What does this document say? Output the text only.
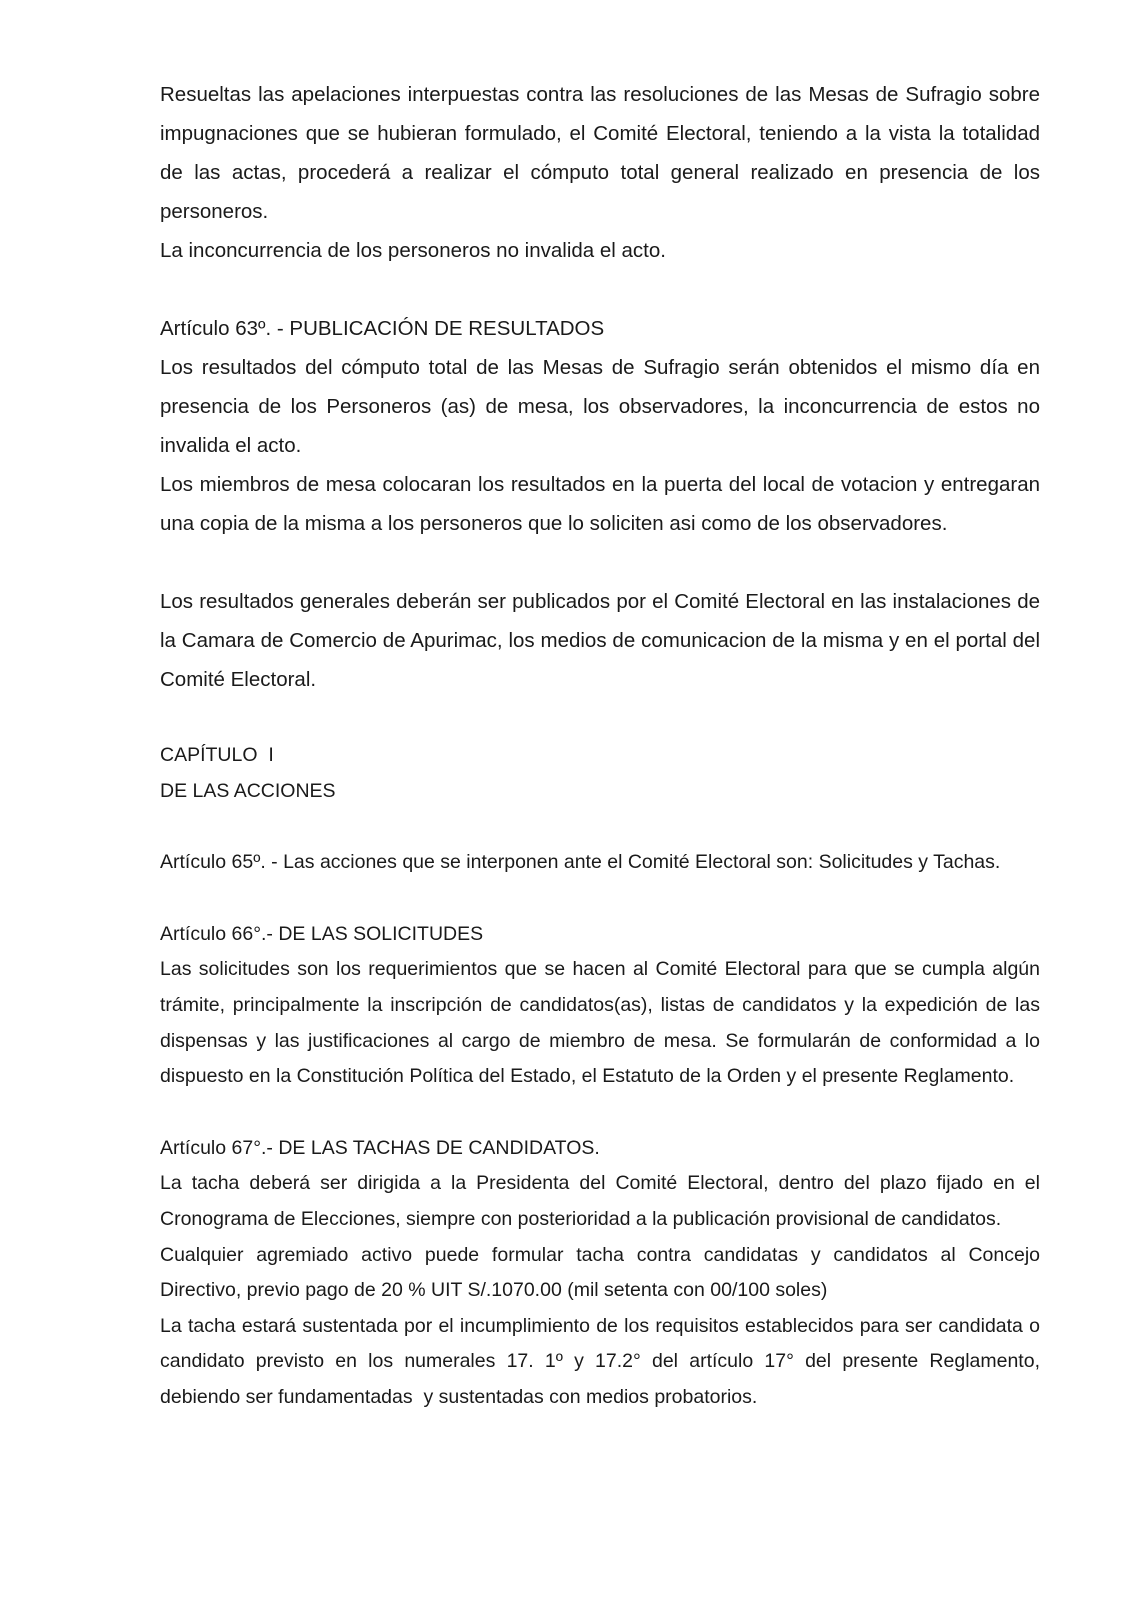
Resueltas las apelaciones interpuestas contra las resoluciones de las Mesas de Sufragio sobre impugnaciones que se hubieran formulado, el Comité Electoral, teniendo a la vista la totalidad de las actas, procederá a realizar el cómputo total general realizado en presencia de los personeros.

La inconcurrencia de los personeros no invalida el acto.

Artículo 63º. - PUBLICACIÓN DE RESULTADOS

Los resultados del cómputo total de las Mesas de Sufragio serán obtenidos el mismo día en presencia de los Personeros (as) de mesa, los observadores, la inconcurrencia de estos no invalida el acto.

Los miembros de mesa colocaran los resultados en la puerta del local de votacion y entregaran una copia de la misma a los personeros que lo soliciten asi como de los observadores.

Los resultados generales deberán ser publicados por el Comité Electoral en las instalaciones de la Camara de Comercio de Apurimac, los medios de comunicacion de la misma y en el portal del Comité Electoral.

CAPÍTULO  I

DE LAS ACCIONES

Artículo 65º. - Las acciones que se interponen ante el Comité Electoral son: Solicitudes y Tachas.

Artículo 66°.- DE LAS SOLICITUDES

Las solicitudes son los requerimientos que se hacen al Comité Electoral para que se cumpla algún trámite, principalmente la inscripción de candidatos(as), listas de candidatos y la expedición de las dispensas y las justificaciones al cargo de miembro de mesa. Se formularán de conformidad a lo dispuesto en la Constitución Política del Estado, el Estatuto de la Orden y el presente Reglamento.

Artículo 67°.- DE LAS TACHAS DE CANDIDATOS.

La tacha deberá ser dirigida a la Presidenta del Comité Electoral, dentro del plazo fijado en el Cronograma de Elecciones, siempre con posterioridad a la publicación provisional de candidatos.

Cualquier agremiado activo puede formular tacha contra candidatas y candidatos al Concejo Directivo, previo pago de 20 % UIT S/.1070.00 (mil setenta con 00/100 soles)

La tacha estará sustentada por el incumplimiento de los requisitos establecidos para ser candidata o candidato previsto en los numerales 17. 1º y 17.2° del artículo 17° del presente Reglamento, debiendo ser fundamentadas  y sustentadas con medios probatorios.
